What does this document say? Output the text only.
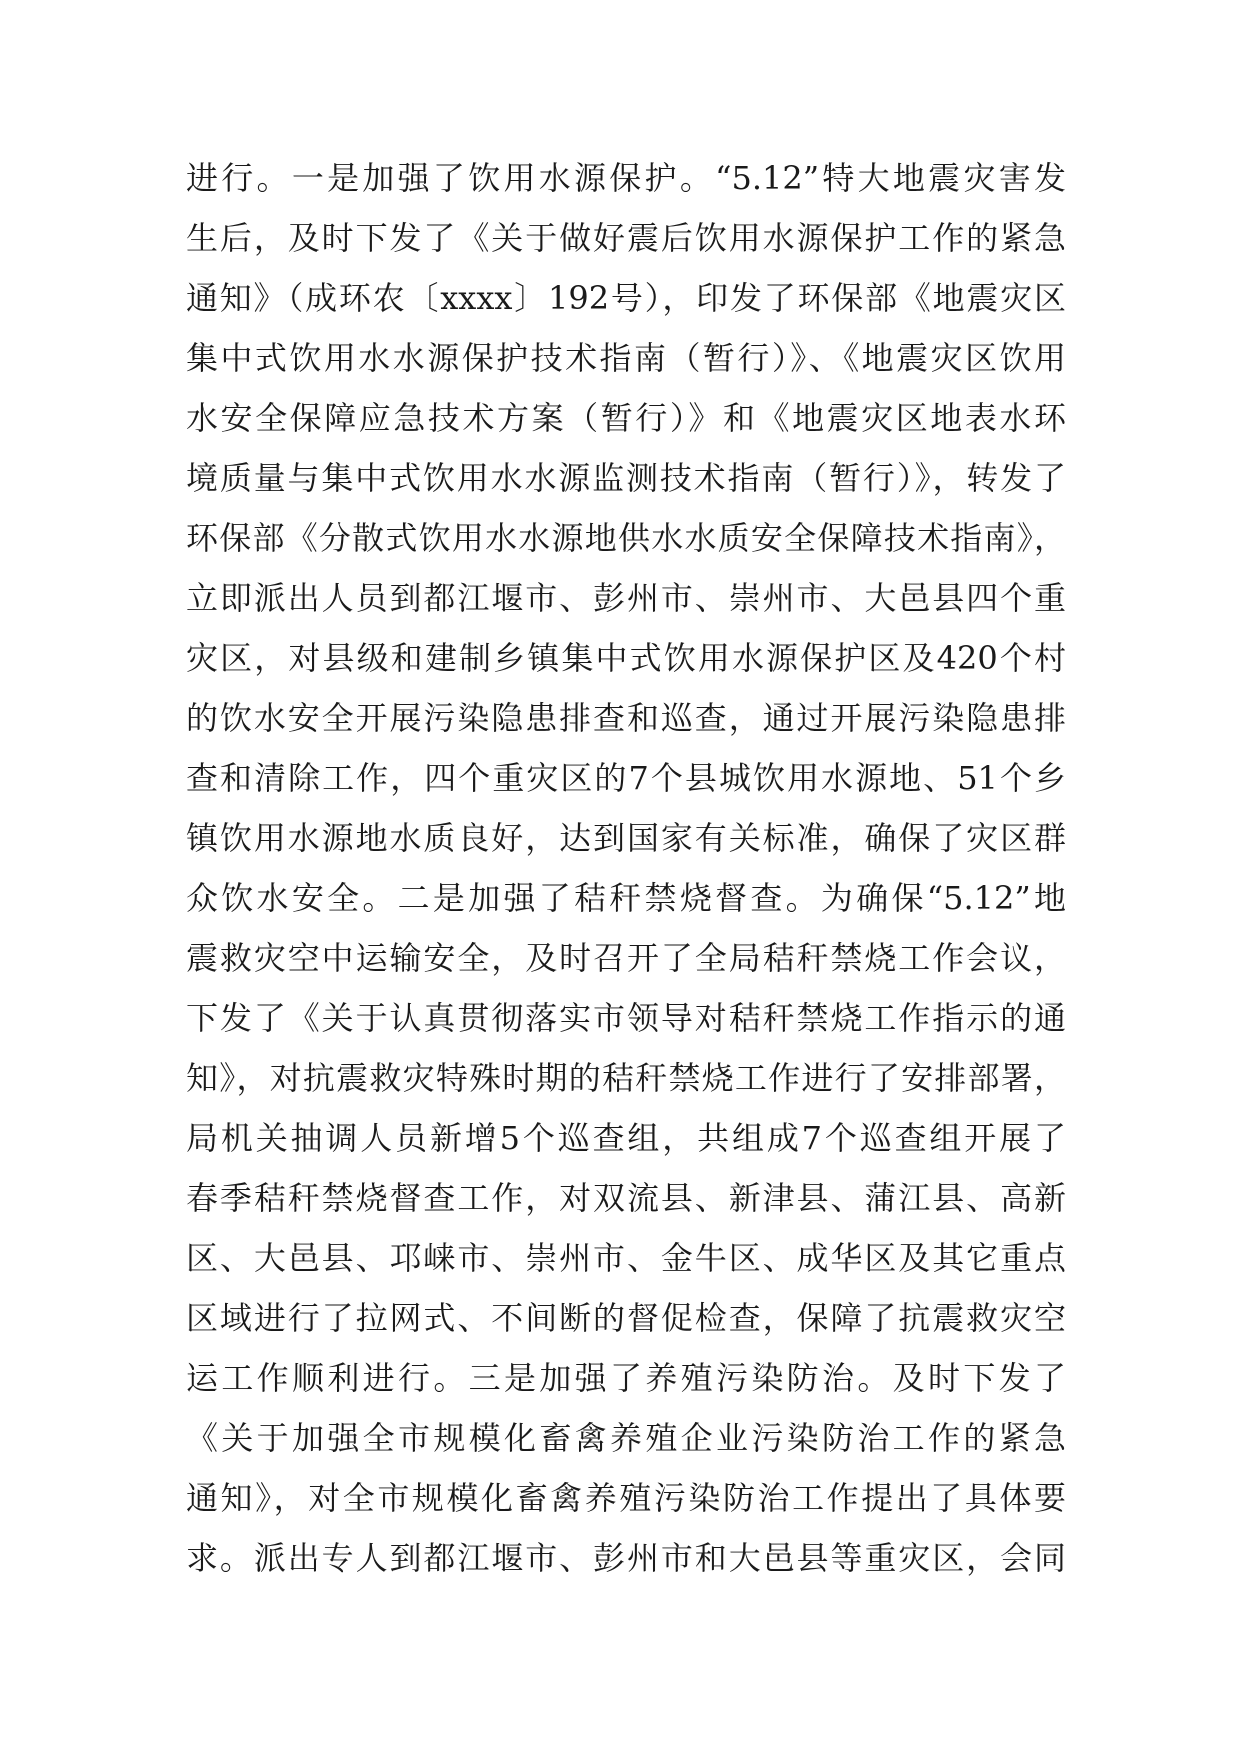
进行。一是加强了饮用水源保护。“5.12”特大地震灾害发
生后，及时下发了《关于做好震后饮用水源保护工作的紧急
通知》（成环农〔xxxx〕192号），印发了环保部《地震灾区
集中式饮用水水源保护技术指南（暂行）》、《地震灾区饮用
水安全保障应急技术方案（暂行）》和《地震灾区地表水环
境质量与集中式饮用水水源监测技术指南（暂行）》，转发了
环保部《分散式饮用水水源地供水水质安全保障技术指南》，
立即派出人员到都江堰市、彭州市、崇州市、大邑县四个重
灾区，对县级和建制乡镇集中式饮用水源保护区及420个村
的饮水安全开展污染隐患排查和巡查，通过开展污染隐患排
查和清除工作，四个重灾区的7个县城饮用水源地、51个乡
镇饮用水源地水质良好，达到国家有关标准，确保了灾区群
众饮水安全。二是加强了秸秆禁烧督查。为确保“5.12”地
震救灾空中运输安全，及时召开了全局秸秆禁烧工作会议，
下发了《关于认真贯彻落实市领导对秸秆禁烧工作指示的通
知》，对抗震救灾特殊时期的秸秆禁烧工作进行了安排部署，
局机关抽调人员新增5个巡查组，共组成7个巡查组开展了
春季秸秆禁烧督查工作，对双流县、新津县、蒲江县、高新
区、大邑县、邛崃市、崇州市、金牛区、成华区及其它重点
区域进行了拉网式、不间断的督促检查，保障了抗震救灾空
运工作顺利进行。三是加强了养殖污染防治。及时下发了
《关于加强全市规模化畜禽养殖企业污染防治工作的紧急
通知》，对全市规模化畜禽养殖污染防治工作提出了具体要
求。派出专人到都江堰市、彭州市和大邑县等重灾区，会同
